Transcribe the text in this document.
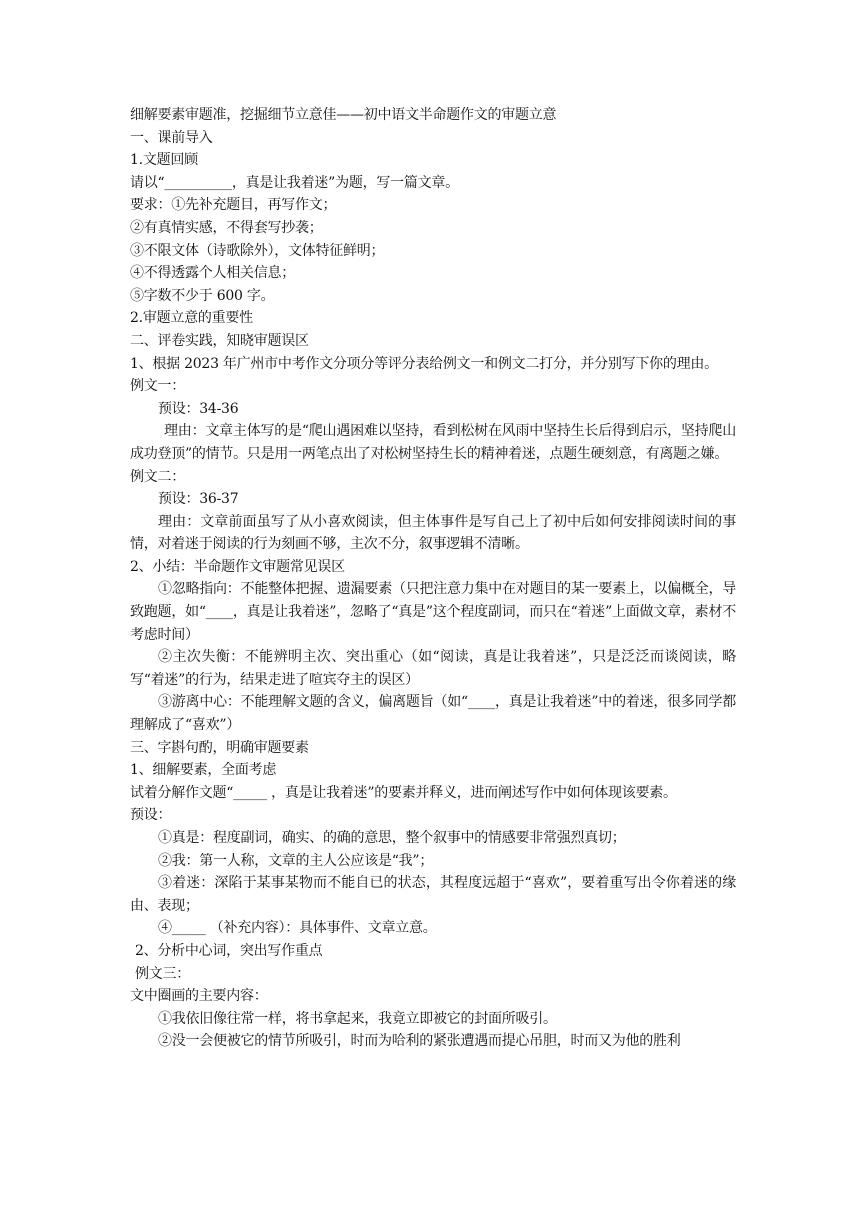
细解要素审题准，挖掘细节立意佳——初中语文半命题作文的审题立意
一、课前导入
1.文题回顾
请以“__________，真是让我着迷”为题，写一篇文章。
要求：①先补充题目，再写作文；
②有真情实感，不得套写抄袭；
③不限文体（诗歌除外），文体特征鲜明；
④不得透露个人相关信息；
⑤字数不少于 600 字。
2.审题立意的重要性
二、评卷实践，知晓审题误区
1、根据 2023 年广州市中考作文分项分等评分表给例文一和例文二打分，并分别写下你的理由。
例文一：
预设：34-36
理由：文章主体写的是“爬山遇困难以坚持，看到松树在风雨中坚持生长后得到启示，坚持爬山成功登顶”的情节。只是用一两笔点出了对松树坚持生长的精神着迷，点题生硬刻意，有离题之嫌。
例文二：
预设：36-37
理由：文章前面虽写了从小喜欢阅读，但主体事件是写自己上了初中后如何安排阅读时间的事情，对着迷于阅读的行为刻画不够，主次不分，叙事逻辑不清晰。
2、小结：半命题作文审题常见误区
①忽略指向：不能整体把握、遗漏要素（只把注意力集中在对题目的某一要素上，以偏概全，导致跑题，如“____，真是让我着迷”，忽略了“真是”这个程度副词，而只在“着迷”上面做文章，素材不考虑时间）
②主次失衡：不能辨明主次、突出重心（如“阅读，真是让我着迷”，只是泛泛而谈阅读，略写“着迷”的行为，结果走进了喧宾夺主的误区）
③游离中心：不能理解文题的含义，偏离题旨（如“____，真是让我着迷”中的着迷，很多同学都理解成了“喜欢”）
三、字斟句酌，明确审题要素
1、细解要素，全面考虑
试着分解作文题“_____ ，真是让我着迷”的要素并释义，进而阐述写作中如何体现该要素。
预设：
①真是：程度副词，确实、的确的意思，整个叙事中的情感要非常强烈真切；
②我：第一人称，文章的主人公应该是“我”；
③着迷：深陷于某事某物而不能自已的状态，其程度远超于“喜欢”，要着重写出令你着迷的缘由、表现；
④_____ （补充内容）：具体事件、文章立意。
2、分析中心词，突出写作重点
例文三：
文中圈画的主要内容：
①我依旧像往常一样，将书拿起来，我竟立即被它的封面所吸引。
②没一会便被它的情节所吸引，时而为哈利的紧张遭遇而提心吊胆，时而又为他的胜利
